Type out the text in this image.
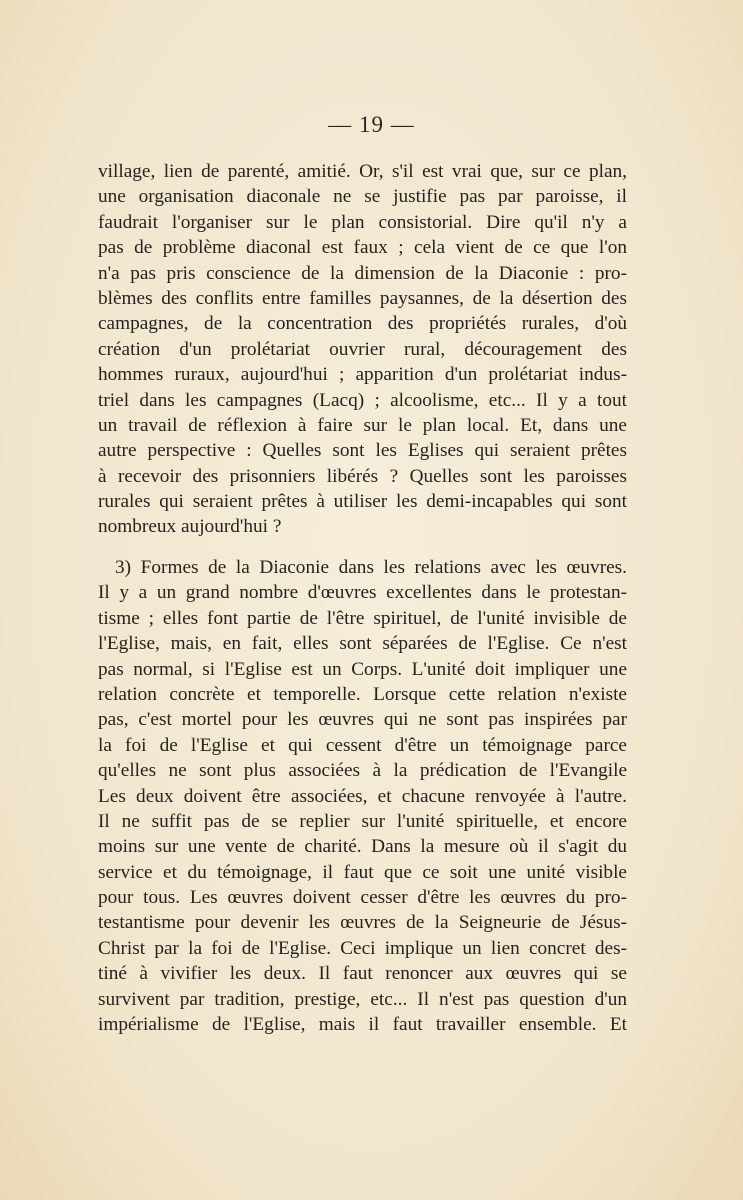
— 19 —
village, lien de parenté, amitié. Or, s'il est vrai que, sur ce plan,
une organisation diaconale ne se justifie pas par paroisse, il
faudrait l'organiser sur le plan consistorial. Dire qu'il n'y a
pas de problème diaconal est faux ; cela vient de ce que l'on
n'a pas pris conscience de la dimension de la Diaconie : pro-
blèmes des conflits entre familles paysannes, de la désertion des
campagnes, de la concentration des propriétés rurales, d'où
création d'un prolétariat ouvrier rural, découragement des
hommes ruraux, aujourd'hui ; apparition d'un prolétariat indus-
triel dans les campagnes (Lacq) ; alcoolisme, etc... Il y a tout
un travail de réflexion à faire sur le plan local. Et, dans une
autre perspective : Quelles sont les Eglises qui seraient prêtes
à recevoir des prisonniers libérés ? Quelles sont les paroisses
rurales qui seraient prêtes à utiliser les demi-incapables qui sont
nombreux aujourd'hui ?
3) Formes de la Diaconie dans les relations avec les œuvres.
Il y a un grand nombre d'œuvres excellentes dans le protestan-
tisme ; elles font partie de l'être spirituel, de l'unité invisible de
l'Eglise, mais, en fait, elles sont séparées de l'Eglise. Ce n'est
pas normal, si l'Eglise est un Corps. L'unité doit impliquer une
relation concrète et temporelle. Lorsque cette relation n'existe
pas, c'est mortel pour les œuvres qui ne sont pas inspirées par
la foi de l'Eglise et qui cessent d'être un témoignage parce
qu'elles ne sont plus associées à la prédication de l'Evangile
Les deux doivent être associées, et chacune renvoyée à l'autre.
Il ne suffit pas de se replier sur l'unité spirituelle, et encore
moins sur une vente de charité. Dans la mesure où il s'agit du
service et du témoignage, il faut que ce soit une unité visible
pour tous. Les œuvres doivent cesser d'être les œuvres du pro-
testantisme pour devenir les œuvres de la Seigneurie de Jésus-
Christ par la foi de l'Eglise. Ceci implique un lien concret des-
tiné à vivifier les deux. Il faut renoncer aux œuvres qui se
survivent par tradition, prestige, etc... Il n'est pas question d'un
impérialisme de l'Eglise, mais il faut travailler ensemble. Et
